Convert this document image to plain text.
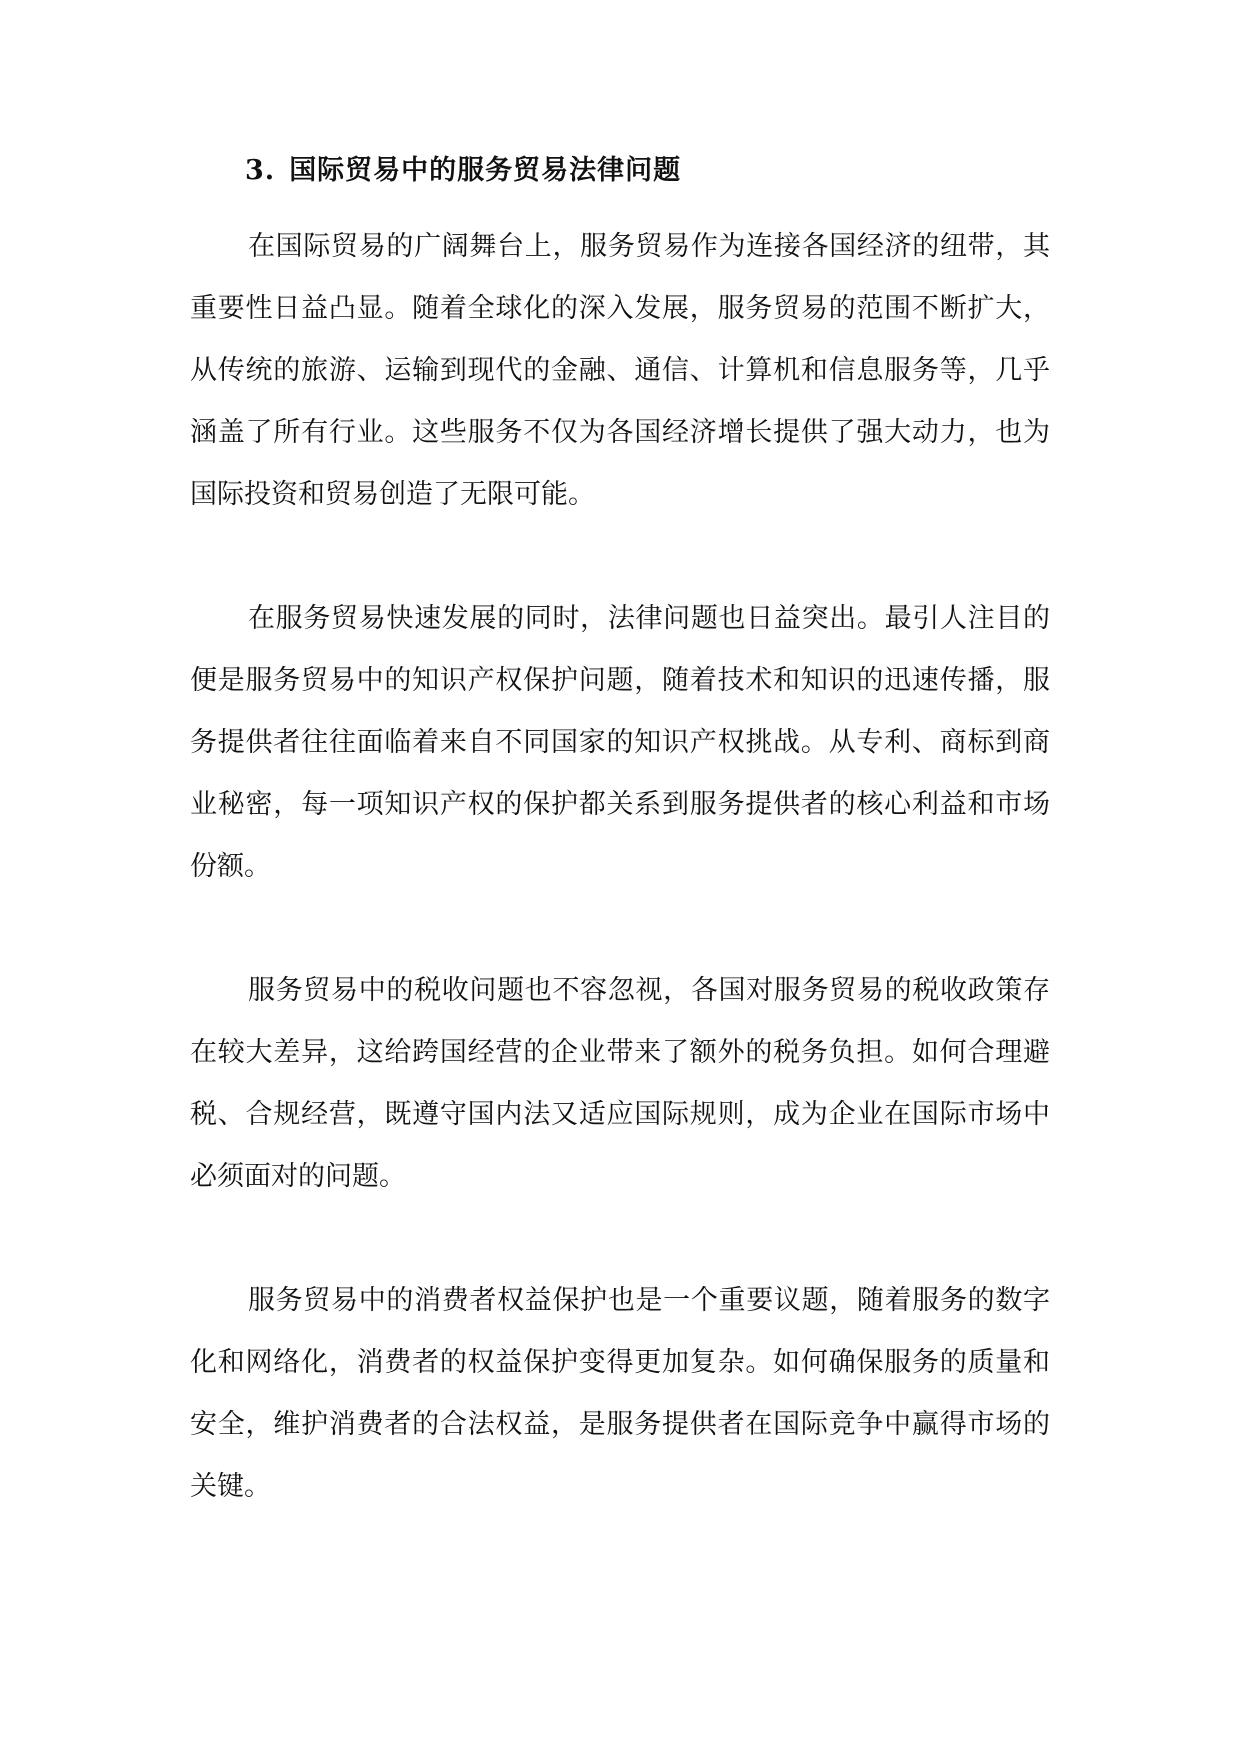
3. 国际贸易中的服务贸易法律问题

在国际贸易的广阔舞台上，服务贸易作为连接各国经济的纽带，其重要性日益凸显。随着全球化的深入发展，服务贸易的范围不断扩大，从传统的旅游、运输到现代的金融、通信、计算机和信息服务等，几乎涵盖了所有行业。这些服务不仅为各国经济增长提供了强大动力，也为国际投资和贸易创造了无限可能。

在服务贸易快速发展的同时，法律问题也日益突出。最引人注目的便是服务贸易中的知识产权保护问题，随着技术和知识的迅速传播，服务提供者往往面临着来自不同国家的知识产权挑战。从专利、商标到商业秘密，每一项知识产权的保护都关系到服务提供者的核心利益和市场份额。

服务贸易中的税收问题也不容忽视，各国对服务贸易的税收政策存在较大差异，这给跨国经营的企业带来了额外的税务负担。如何合理避税、合规经营，既遵守国内法又适应国际规则，成为企业在国际市场中必须面对的问题。

服务贸易中的消费者权益保护也是一个重要议题，随着服务的数字化和网络化，消费者的权益保护变得更加复杂。如何确保服务的质量和安全，维护消费者的合法权益，是服务提供者在国际竞争中赢得市场的关键。
